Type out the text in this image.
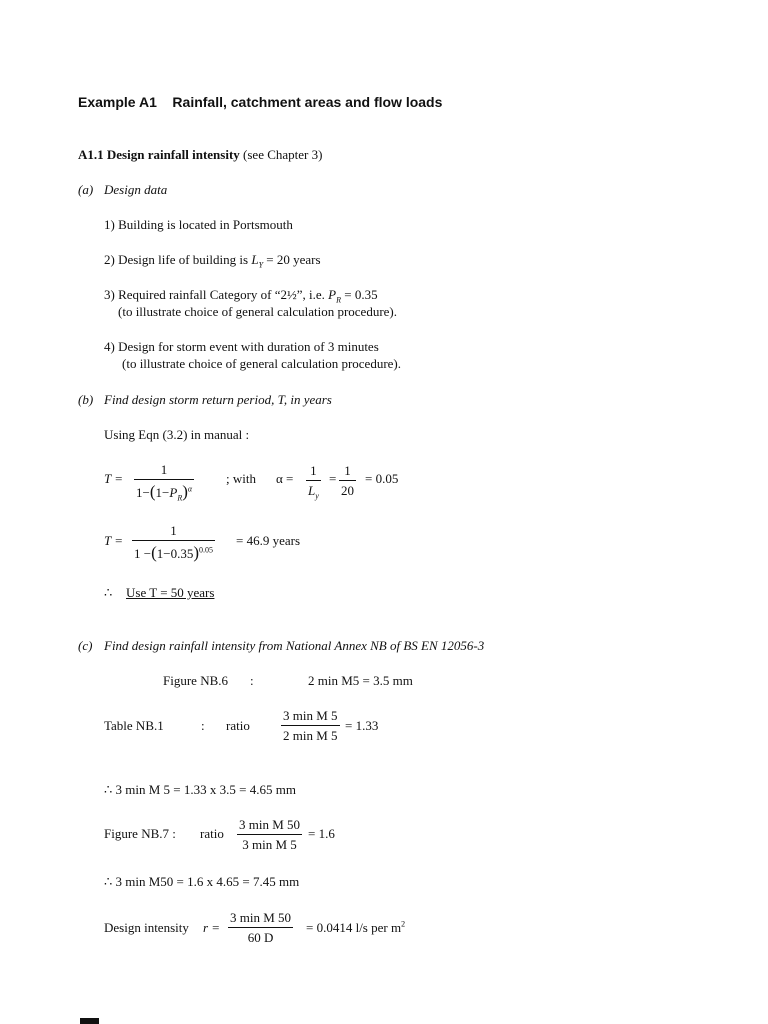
Example A1 Rainfall, catchment areas and flow loads
A1.1 Design rainfall intensity (see Chapter 3)
(a) Design data
1) Building is located in Portsmouth
2) Design life of building is $L_Y = 20$ years
3) Required rainfall Category of “2½”, i.e. $P_R = 0.35$
(to illustrate choice of general calculation procedure).
4) Design for storm event with duration of 3 minutes
(to illustrate choice of general calculation procedure).
(b) Find design storm return period, T, in years
Using Eqn (3.2) in manual :
T =
1
$1-(1-P_R)^\alpha$
; with α =
1
$L_y$
=
1
20
= 0.05
T =
1
$1 -(1-0.35)^{0.05}$
= 46.9 years
∴ Use T = 50 years
(c) Find design rainfall intensity from National Annex NB of BS EN 12056-3
Figure NB.6 :	2 min M5 = 3.5 mm
Table NB.1	: ratio
3 min M 5
2 min M 5
= 1.33
∴ 3 min M 5 = 1.33 x 3.5 = 4.65 mm
Figure NB.7 : ratio
3 min M 50
3 min M 5
= 1.6
∴ 3 min M50 = 1.6 x 4.65 = 7.45 mm
Design intensity r =
3 min M 50
60 D
= 0.0414 l/s per $m^2$
